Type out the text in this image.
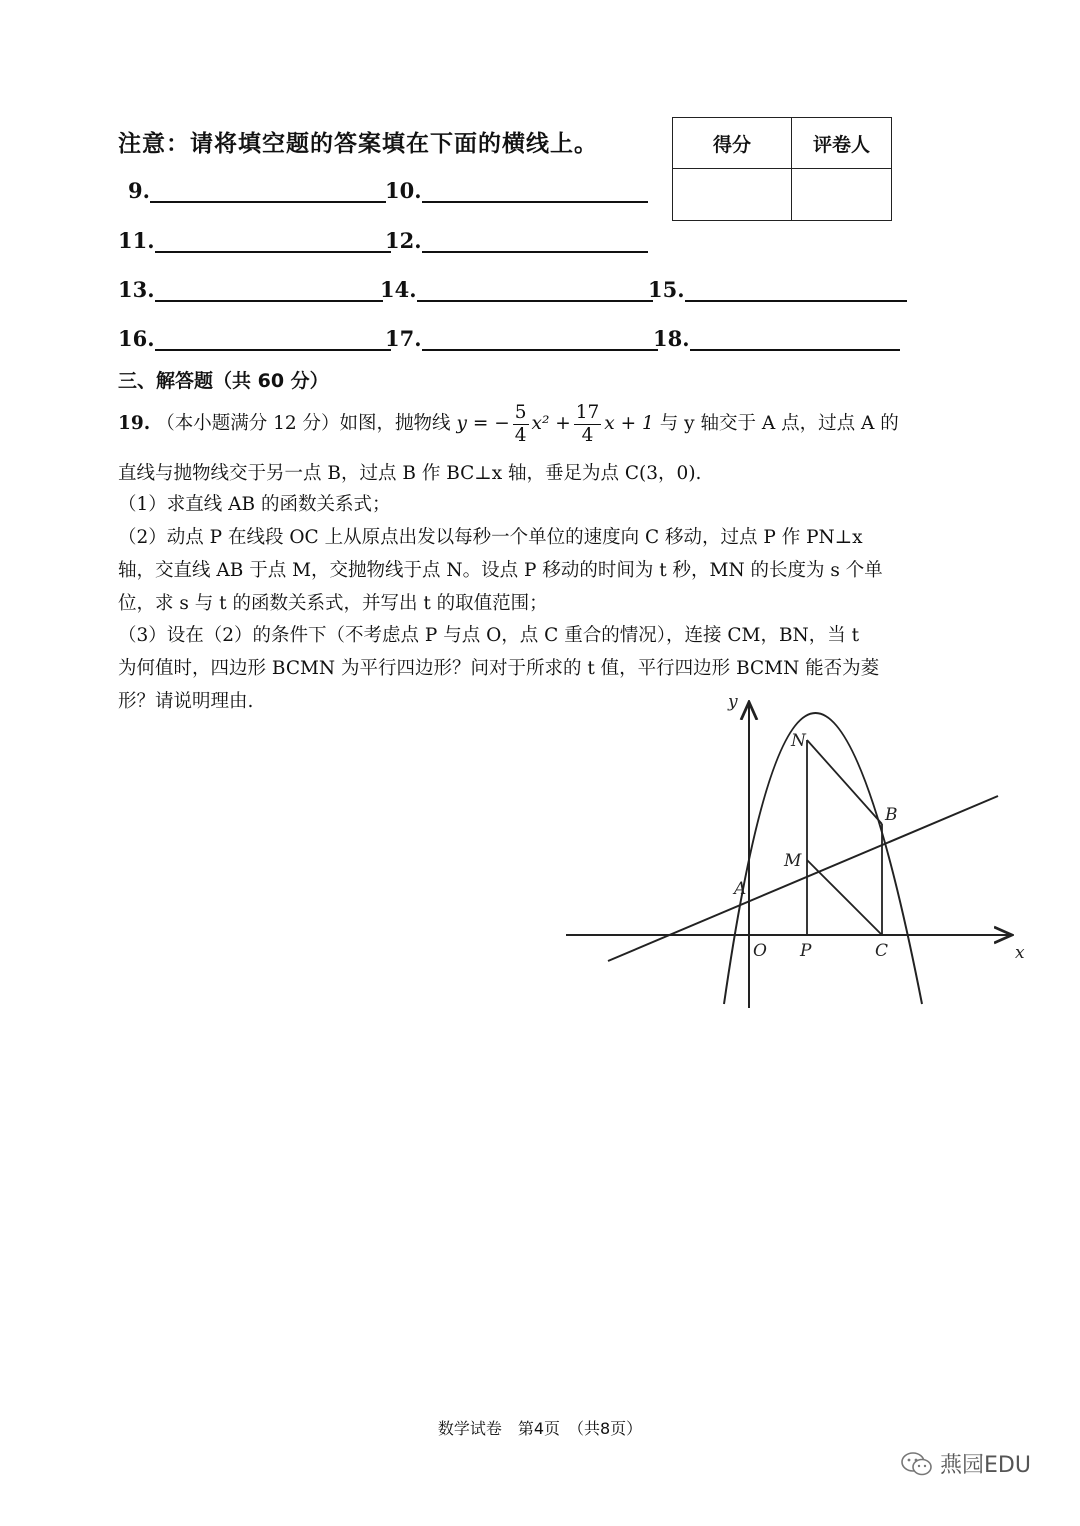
注意：请将填空题的答案填在下面的横线上。	得分	评卷人

9.	10.
11.	12.
13.	14.	15.
16.	17.	18.
三、解答题（共 60 分）
19. （本小题满分 12 分） 如图，抛物线 y = − $\frac{5}{4} x^2 + \frac{17}{4}$ x + 1 与 y 轴交于 A 点，过点 A 的
直线与抛物线交于另一点 B，过点 B 作 BC⊥x 轴，垂足为点 C(3，0).
（1）求直线 AB 的函数关系式；
（2）动点 P 在线段 OC 上从原点出发以每秒一个单位的速度向 C 移动，过点 P 作 PN⊥x
轴，交直线 AB 于点 M，交抛物线于点 N。设点 P 移动的时间为 t 秒，MN 的长度为 s 个单
位，求 s 与 t 的函数关系式，并写出 t 的取值范围；
（3）设在（2）的条件下（不考虑点 P 与点 O，点 C 重合的情况），连接 CM，BN，当 t
为何值时，四边形 BCMN 为平行四边形？问对于所求的 t 值，平行四边形 BCMN 能否为菱
形？请说明理由.	y
x
N
B
M
A
O P	C
数学试卷　第4页　（共8页）
燕园EDU
